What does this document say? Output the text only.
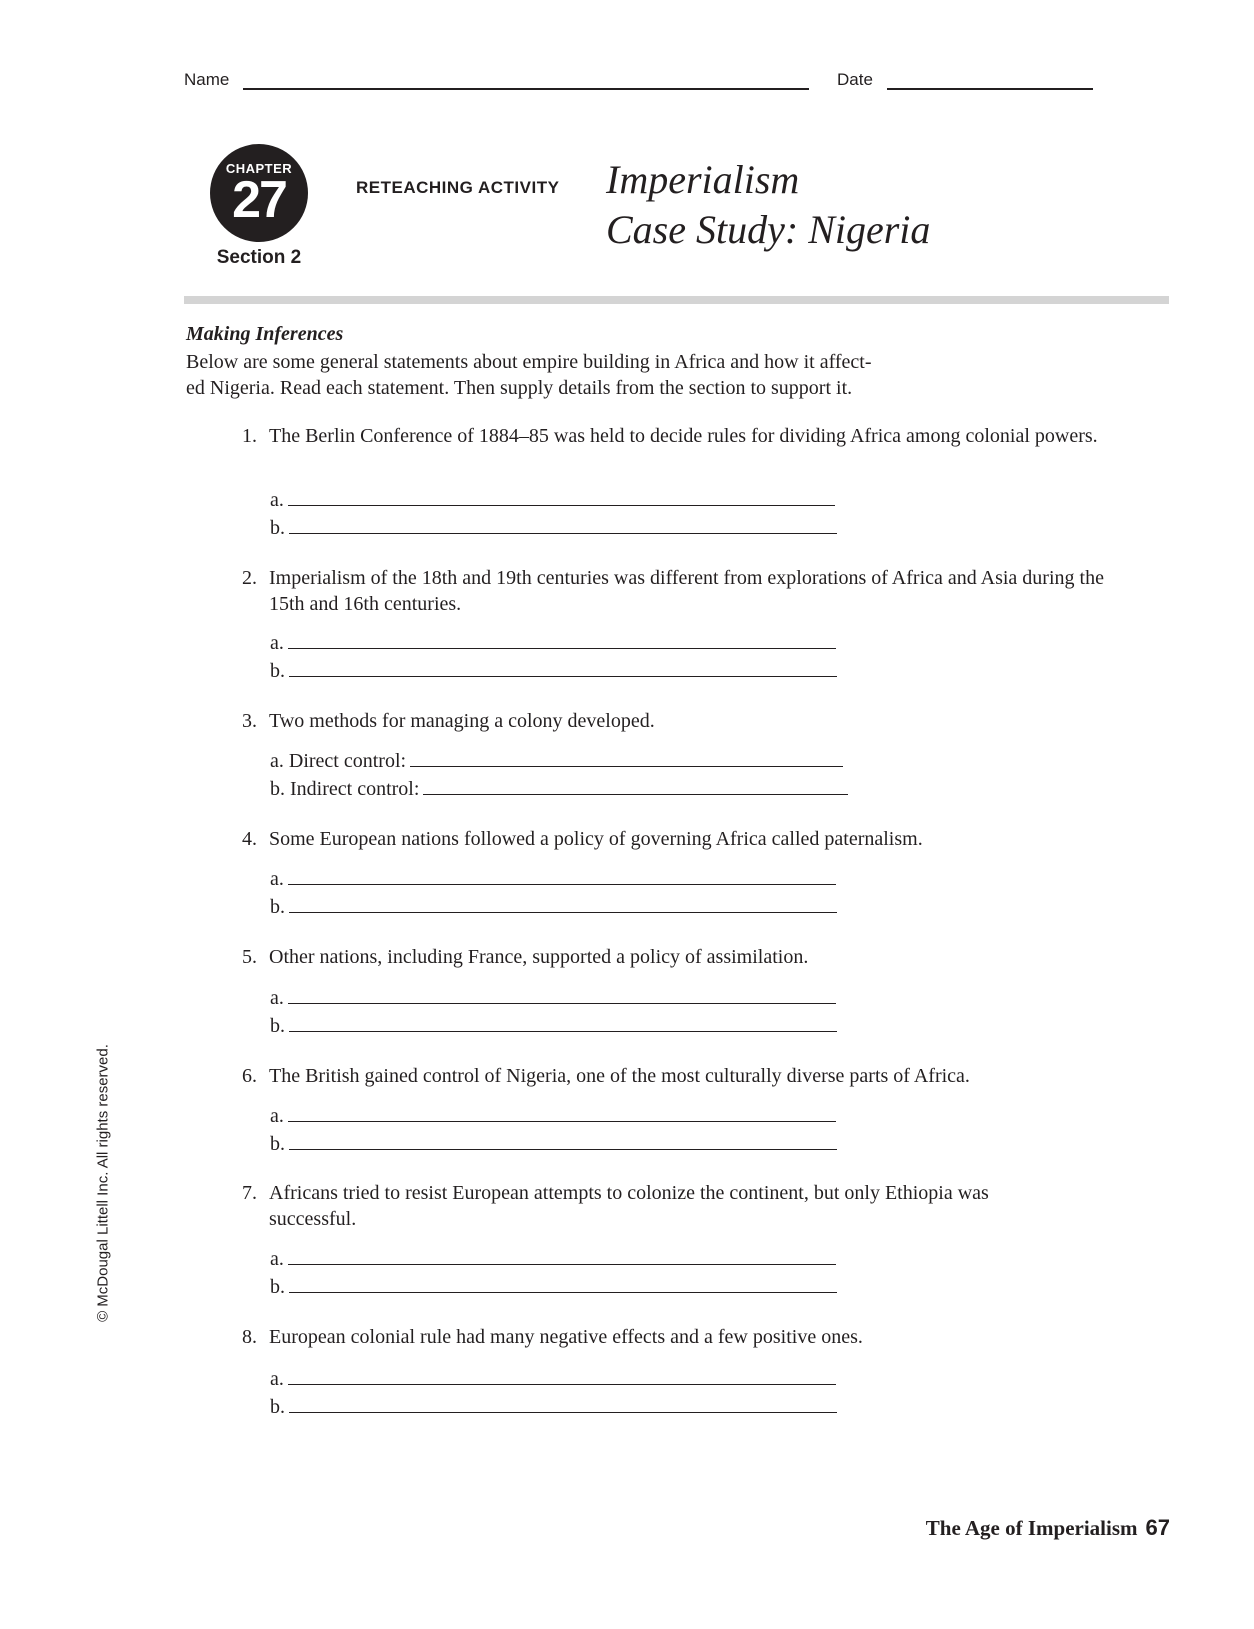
Name	Date
CHAPTER
27
Section 2
RETEACHING ACTIVITY Imperialism
Case Study: Nigeria
Making Inferences
Below are some general statements about empire building in Africa and how it affect-
ed Nigeria. Read each statement. Then supply details from the section to support it.
1. The Berlin Conference of 1884–85 was held to decide rules for dividing Africa among colonial powers.
a.
b.
2. Imperialism of the 18th and 19th centuries was different from explorations of Africa and Asia during the 15th and 16th centuries.
a.
b.
3. Two methods for managing a colony developed.
a. Direct control:
b. Indirect control:
4. Some European nations followed a policy of governing Africa called paternalism.
a.
b.
5. Other nations, including France, supported a policy of assimilation.
a.
b.
6. The British gained control of Nigeria, one of the most culturally diverse parts of Africa.
a.
b.
7. Africans tried to resist European attempts to colonize the continent, but only Ethiopia was successful.
a.
b.
8. European colonial rule had many negative effects and a few positive ones.
a.
b.
© McDougal Littell Inc. All rights reserved.
The Age of Imperialism 67
